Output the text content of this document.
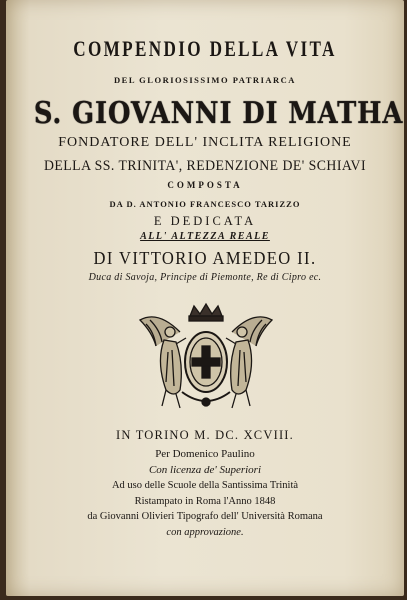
COMPENDIO DELLA VITA
DEL GLORIOSISSIMO PATRIARCA
S. GIOVANNI DI MATHA
FONDATORE DELL' INCLITA RELIGIONE
DELLA SS. TRINITA', REDENZIONE DE' SCHIAVI
COMPOSTA
DA D. ANTONIO FRANCESCO TARIZZO
E DEDICATA
ALL' ALTEZZA REALE
DI VITTORIO AMEDEO II.
Duca di Savoja, Principe di Piemonte, Re di Cipro ec.
IN TORINO M. DC. XCVIII.
Per Domenico Paulino
Con licenza de' Superiori
Ad uso delle Scuole della Santissima Trinità
Ristampato in Roma l'Anno 1848
da Giovanni Olivieri Tipografo dell' Università Romana
con approvazione.
